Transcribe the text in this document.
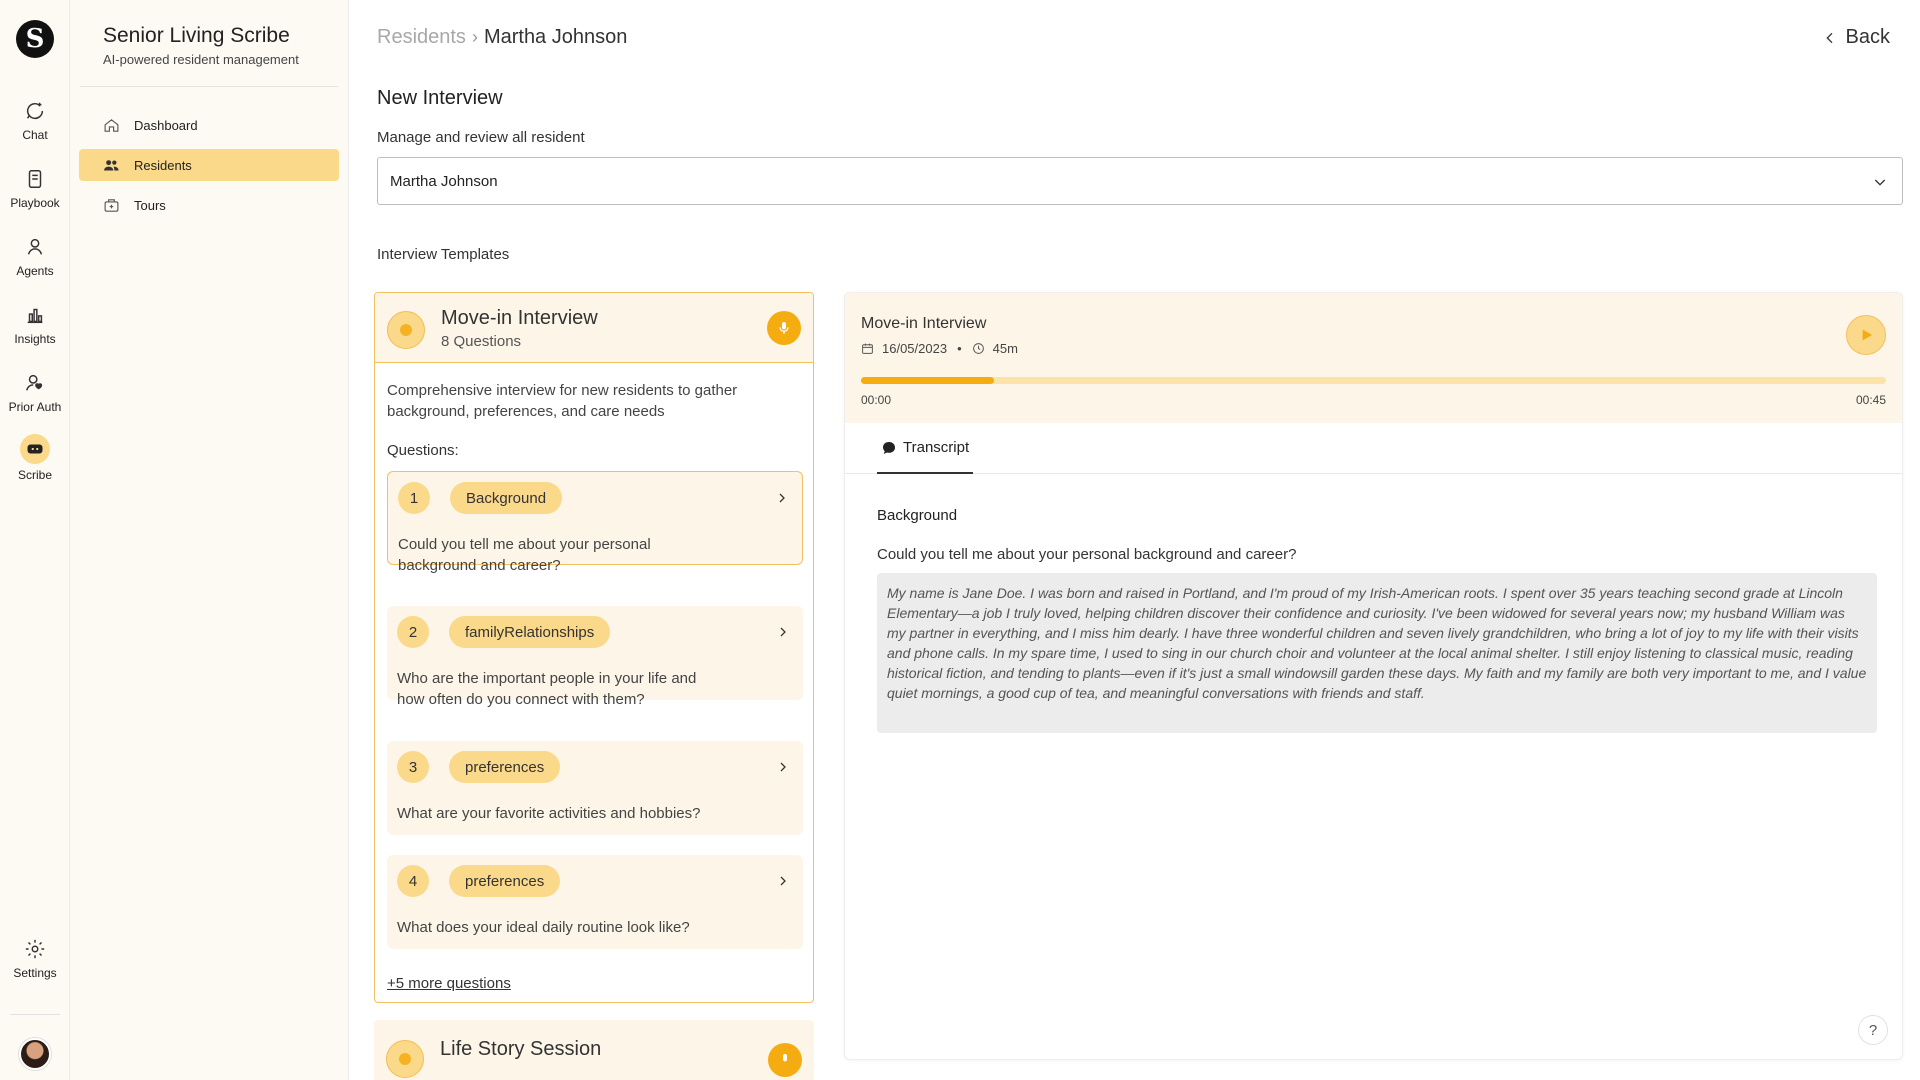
S
Chat
Playbook
Agents
Insights
Prior Auth
Scribe
Settings
Senior Living Scribe
AI-powered resident management
Dashboard
Residents
Tours
Residents › Martha Johnson	Back
New Interview
Manage and review all resident
Martha Johnson
Interview Templates
Move-in Interview
8 Questions
Comprehensive interview for new residents to gather background, preferences, and care needs
Questions:
1	Background
Could you tell me about your personal background and career?
2	familyRelationships
Who are the important people in your life and how often do you connect with them?
3	preferences
What are your favorite activities and hobbies?
4	preferences
What does your ideal daily routine look like?
+5 more questions
Life Story Session
Move-in Interview
16/05/2023 • 45m
00:00	00:45
Transcript
Background
Could you tell me about your personal background and career?
My name is Jane Doe. I was born and raised in Portland, and I'm proud of my Irish-American roots. I spent over 35 years teaching second grade at Lincoln Elementary—a job I truly loved, helping children discover their confidence and curiosity. I've been widowed for several years now; my husband William was my partner in everything, and I miss him dearly. I have three wonderful children and seven lively grandchildren, who bring a lot of joy to my life with their visits and phone calls. In my spare time, I used to sing in our church choir and volunteer at the local animal shelter. I still enjoy listening to classical music, reading historical fiction, and tending to plants—even if it's just a small windowsill garden these days. My faith and my family are both very important to me, and I value quiet mornings, a good cup of tea, and meaningful conversations with friends and staff.
?
